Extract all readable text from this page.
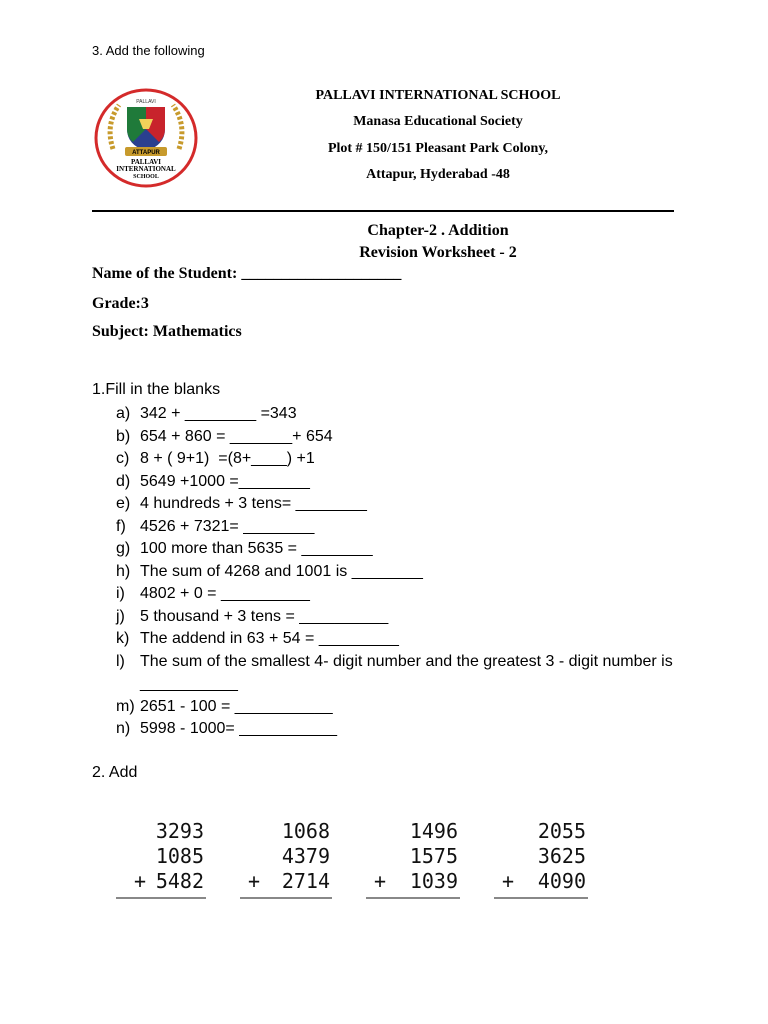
3. Add the following
PALLAVI
ATTAPUR
PALLAVI
INTERNATIONAL
SCHOOL
PALLAVI INTERNATIONAL SCHOOL
Manasa Educational Society
Plot # 150/151 Pleasant Park Colony,
Attapur, Hyderabad -48
Chapter-2 . Addition
Revision Worksheet - 2
Name of the Student: ____________________
Grade:3
Subject: Mathematics
1.Fill in the blanks
a) 342 + ________ =343
b) 654 + 860 = _______+ 654
c) 8 + ( 9+1)  =(8+____) +1
d) 5649 +1000 =________
e) 4 hundreds + 3 tens= ________
f) 4526 + 7321= ________
g) 100 more than 5635 = ________
h) The sum of 4268 and 1001 is ________
i) 4802 + 0 = __________
j) 5 thousand + 3 tens = __________
k) The addend in 63 + 54 = _________
l) The sum of the smallest 4- digit number and the greatest 3 - digit number is ___________
m) 2651 - 100 = ___________
n) 5998 - 1000= ___________
2. Add
3293
1085
+ 5482
1068
4379
+ 2714
1496
1575
+ 1039
2055
3625
+ 4090
